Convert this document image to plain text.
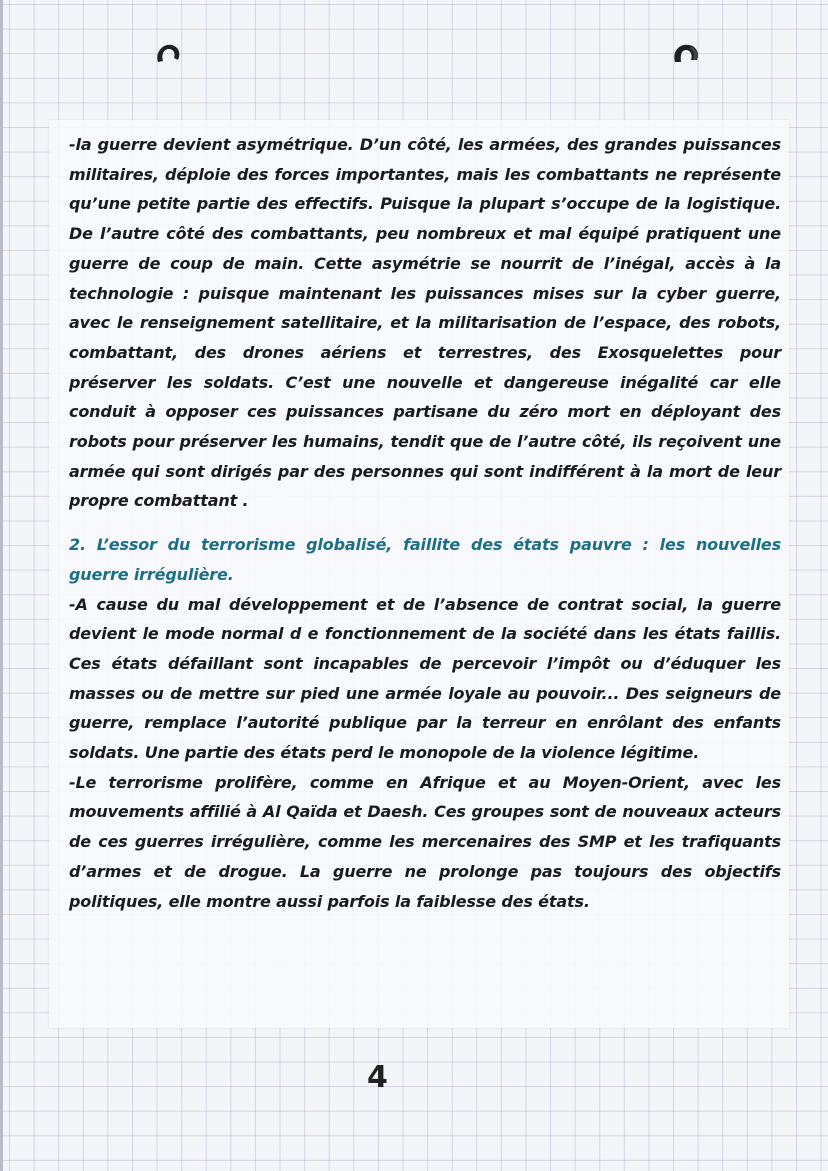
-la guerre devient asymétrique. D’un côté, les armées, des grandes puissances militaires, déploie des forces importantes, mais les combattants ne représente qu’une petite partie des effectifs. Puisque la plupart s’occupe de la logistique. De l’autre côté des combattants, peu nombreux et mal équipé pratiquent une guerre de coup de main. Cette asymétrie se nourrit de l’inégal, accès à la technologie : puisque maintenant les puissances mises sur la cyber guerre, avec le renseignement satellitaire, et la militarisation de l’espace, des robots, combattant, des drones aériens et terrestres, des Exosquelettes pour préserver les soldats. C’est une nouvelle et dangereuse inégalité car elle conduit à opposer ces puissances partisane du zéro mort en déployant des robots pour préserver les humains, tendit que de l’autre côté, ils reçoivent une armée qui sont dirigés par des personnes qui sont indifférent à la mort de leur propre combattant .

2. L’essor du terrorisme globalisé, faillite des états pauvre : les nouvelles guerre irrégulière.

-A cause du mal développement et de l’absence de contrat social, la guerre devient le mode normal d e fonctionnement de la société dans les états faillis. Ces états défaillant sont incapables de percevoir l’impôt ou d’éduquer les masses ou de mettre sur pied une armée loyale au pouvoir... Des seigneurs de guerre, remplace l’autorité publique par la terreur en enrôlant des enfants soldats. Une partie des états perd le monopole de la violence légitime.

-Le terrorisme prolifère, comme en Afrique et au Moyen-Orient, avec les mouvements affilié à Al Qaïda et Daesh. Ces groupes sont de nouveaux acteurs de ces guerres irrégulière, comme les mercenaires des SMP et les trafiquants d’armes et de drogue. La guerre ne prolonge pas toujours des objectifs politiques, elle montre aussi parfois la faiblesse des états.

4
